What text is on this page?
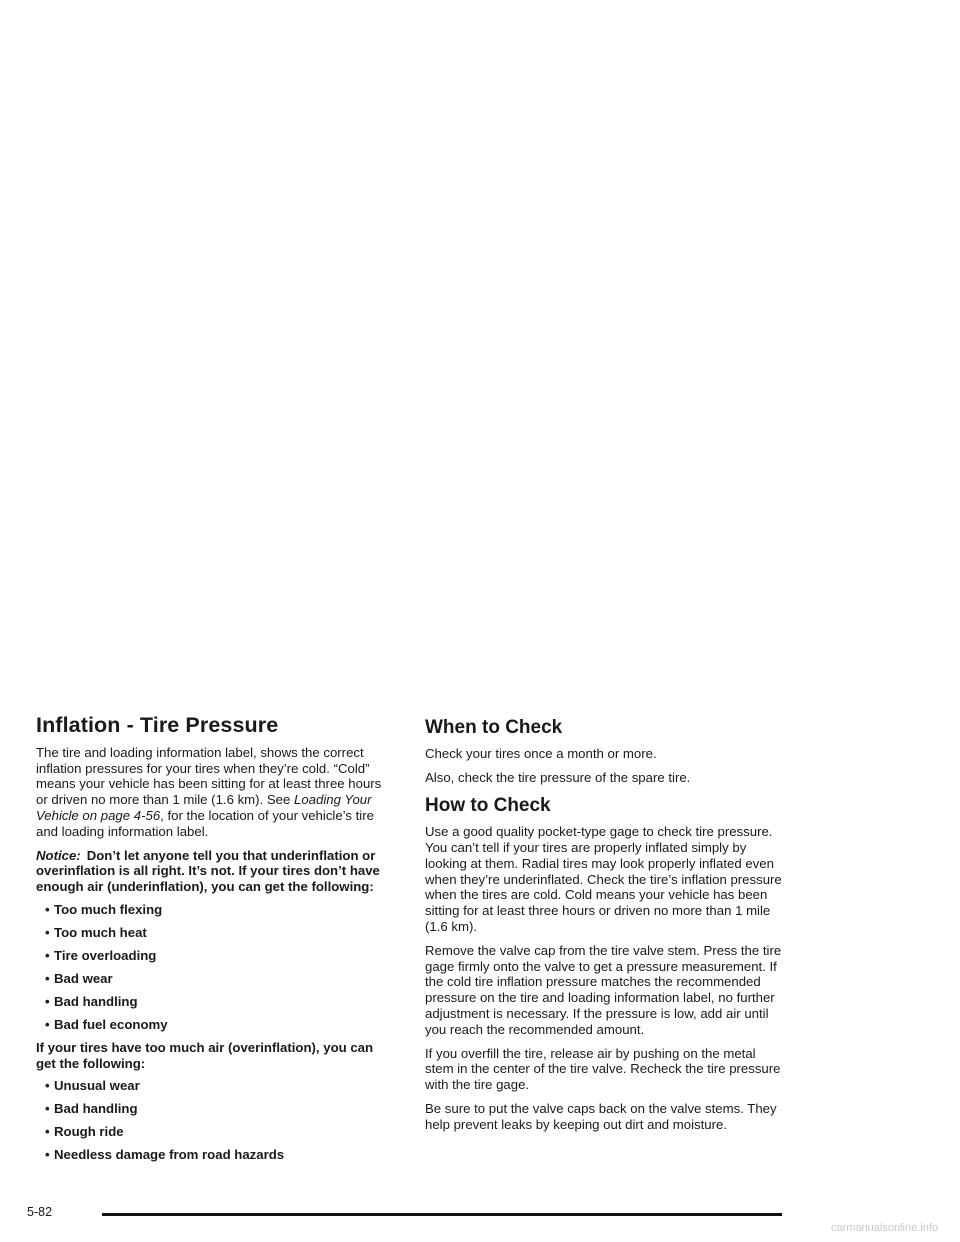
Inflation - Tire Pressure

The tire and loading information label, shows the correct inflation pressures for your tires when they’re cold. “Cold” means your vehicle has been sitting for at least three hours or driven no more than 1 mile (1.6 km). See Loading Your Vehicle on page 4-56, for the location of your vehicle’s tire and loading information label.

Notice: Don’t let anyone tell you that underinflation or overinflation is all right. It’s not. If your tires don’t have enough air (underinflation), you can get the following:

• Too much flexing
• Too much heat
• Tire overloading
• Bad wear
• Bad handling
• Bad fuel economy

If your tires have too much air (overinflation), you can get the following:

• Unusual wear
• Bad handling
• Rough ride
• Needless damage from road hazards
When to Check

Check your tires once a month or more.

Also, check the tire pressure of the spare tire.

How to Check

Use a good quality pocket-type gage to check tire pressure. You can’t tell if your tires are properly inflated simply by looking at them. Radial tires may look properly inflated even when they’re underinflated. Check the tire’s inflation pressure when the tires are cold. Cold means your vehicle has been sitting for at least three hours or driven no more than 1 mile (1.6 km).

Remove the valve cap from the tire valve stem. Press the tire gage firmly onto the valve to get a pressure measurement. If the cold tire inflation pressure matches the recommended pressure on the tire and loading information label, no further adjustment is necessary. If the pressure is low, add air until you reach the recommended amount.

If you overfill the tire, release air by pushing on the metal stem in the center of the tire valve. Recheck the tire pressure with the tire gage.

Be sure to put the valve caps back on the valve stems. They help prevent leaks by keeping out dirt and moisture.

5-82
carmanualsonline.info
